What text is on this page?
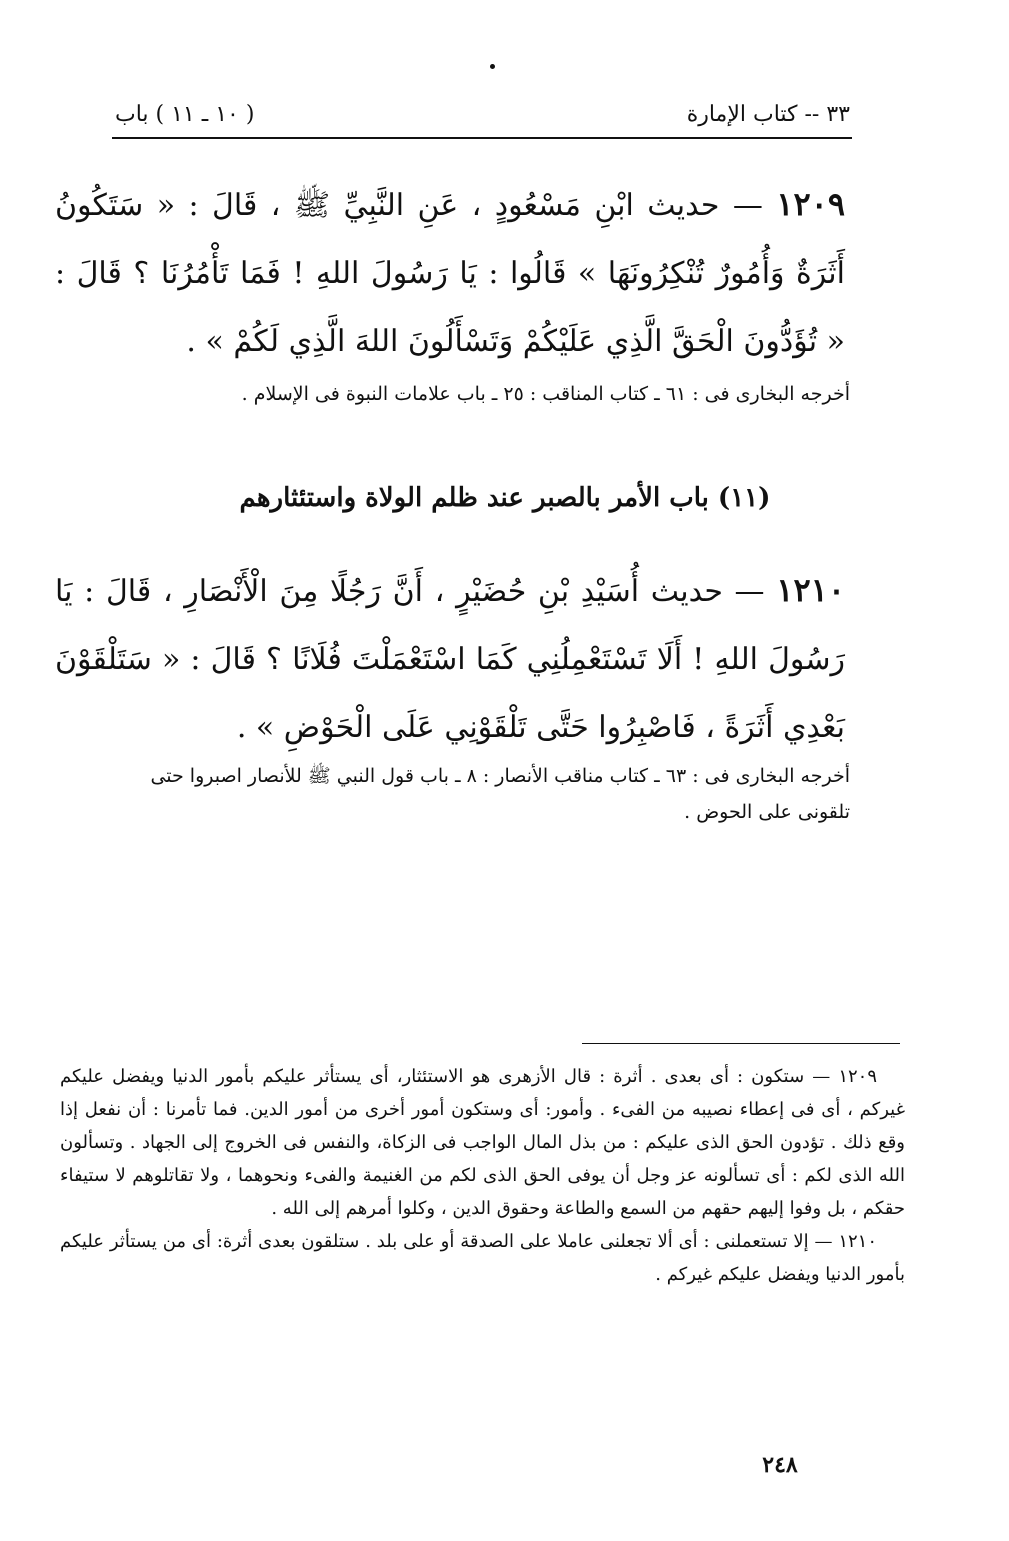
٣٣ -- كتاب الإمارة
( ١٠ ـ ١١ ) باب
١٢٠٩ — حديث ابْنِ مَسْعُودٍ ، عَنِ النَّبِيِّ ﷺ ، قَالَ : « سَتَكُونُ أَثَرَةٌ وَأُمُورٌ تُنْكِرُونَهَا » قَالُوا : يَا رَسُولَ اللهِ ! فَمَا تَأْمُرُنَا ؟ قَالَ : « تُؤَدُّونَ الْحَقَّ الَّذِي عَلَيْكُمْ وَتَسْأَلُونَ اللهَ الَّذِي لَكُمْ » .
أخرجه البخارى فى : ٦١ ـ كتاب المناقب : ٢٥ ـ باب علامات النبوة فى الإسلام .
(١١) باب الأمر بالصبر عند ظلم الولاة واستئثارهم
١٢١٠ — حديث أُسَيْدِ بْنِ حُضَيْرٍ ، أَنَّ رَجُلًا مِنَ الْأَنْصَارِ ، قَالَ : يَا رَسُولَ اللهِ ! أَلَا تَسْتَعْمِلُنِي كَمَا اسْتَعْمَلْتَ فُلَانًا ؟ قَالَ : « سَتَلْقَوْنَ بَعْدِي أَثَرَةً ، فَاصْبِرُوا حَتَّى تَلْقَوْنِي عَلَى الْحَوْضِ » .
أخرجه البخارى فى : ٦٣ ـ كتاب مناقب الأنصار : ٨ ـ باب قول النبي ﷺ للأنصار اصبروا حتى تلقونى على الحوض .

١٢٠٩ — ستكون : أى بعدى . أثرة : قال الأزهرى هو الاستئثار، أى يستأثر عليكم بأمور الدنيا ويفضل عليكم غيركم ، أى فى إعطاء نصيبه من الفىء . وأمور: أى وستكون أمور أخرى من أمور الدين. فما تأمرنا : أن نفعل إذا وقع ذلك . تؤدون الحق الذى عليكم : من بذل المال الواجب فى الزكاة، والنفس فى الخروج إلى الجهاد . وتسألون الله الذى لكم : أى تسألونه عز وجل أن يوفى الحق الذى لكم من الغنيمة والفىء ونحوهما ، ولا تقاتلوهم لا ستيفاء حقكم ، بل وفوا إليهم حقهم من السمع والطاعة وحقوق الدين ، وكلوا أمرهم إلى الله .

١٢١٠ — إلا تستعملنى : أى ألا تجعلنى عاملا على الصدقة أو على بلد . ستلقون بعدى أثرة: أى من يستأثر عليكم بأمور الدنيا ويفضل عليكم غيركم .

٢٤٨
